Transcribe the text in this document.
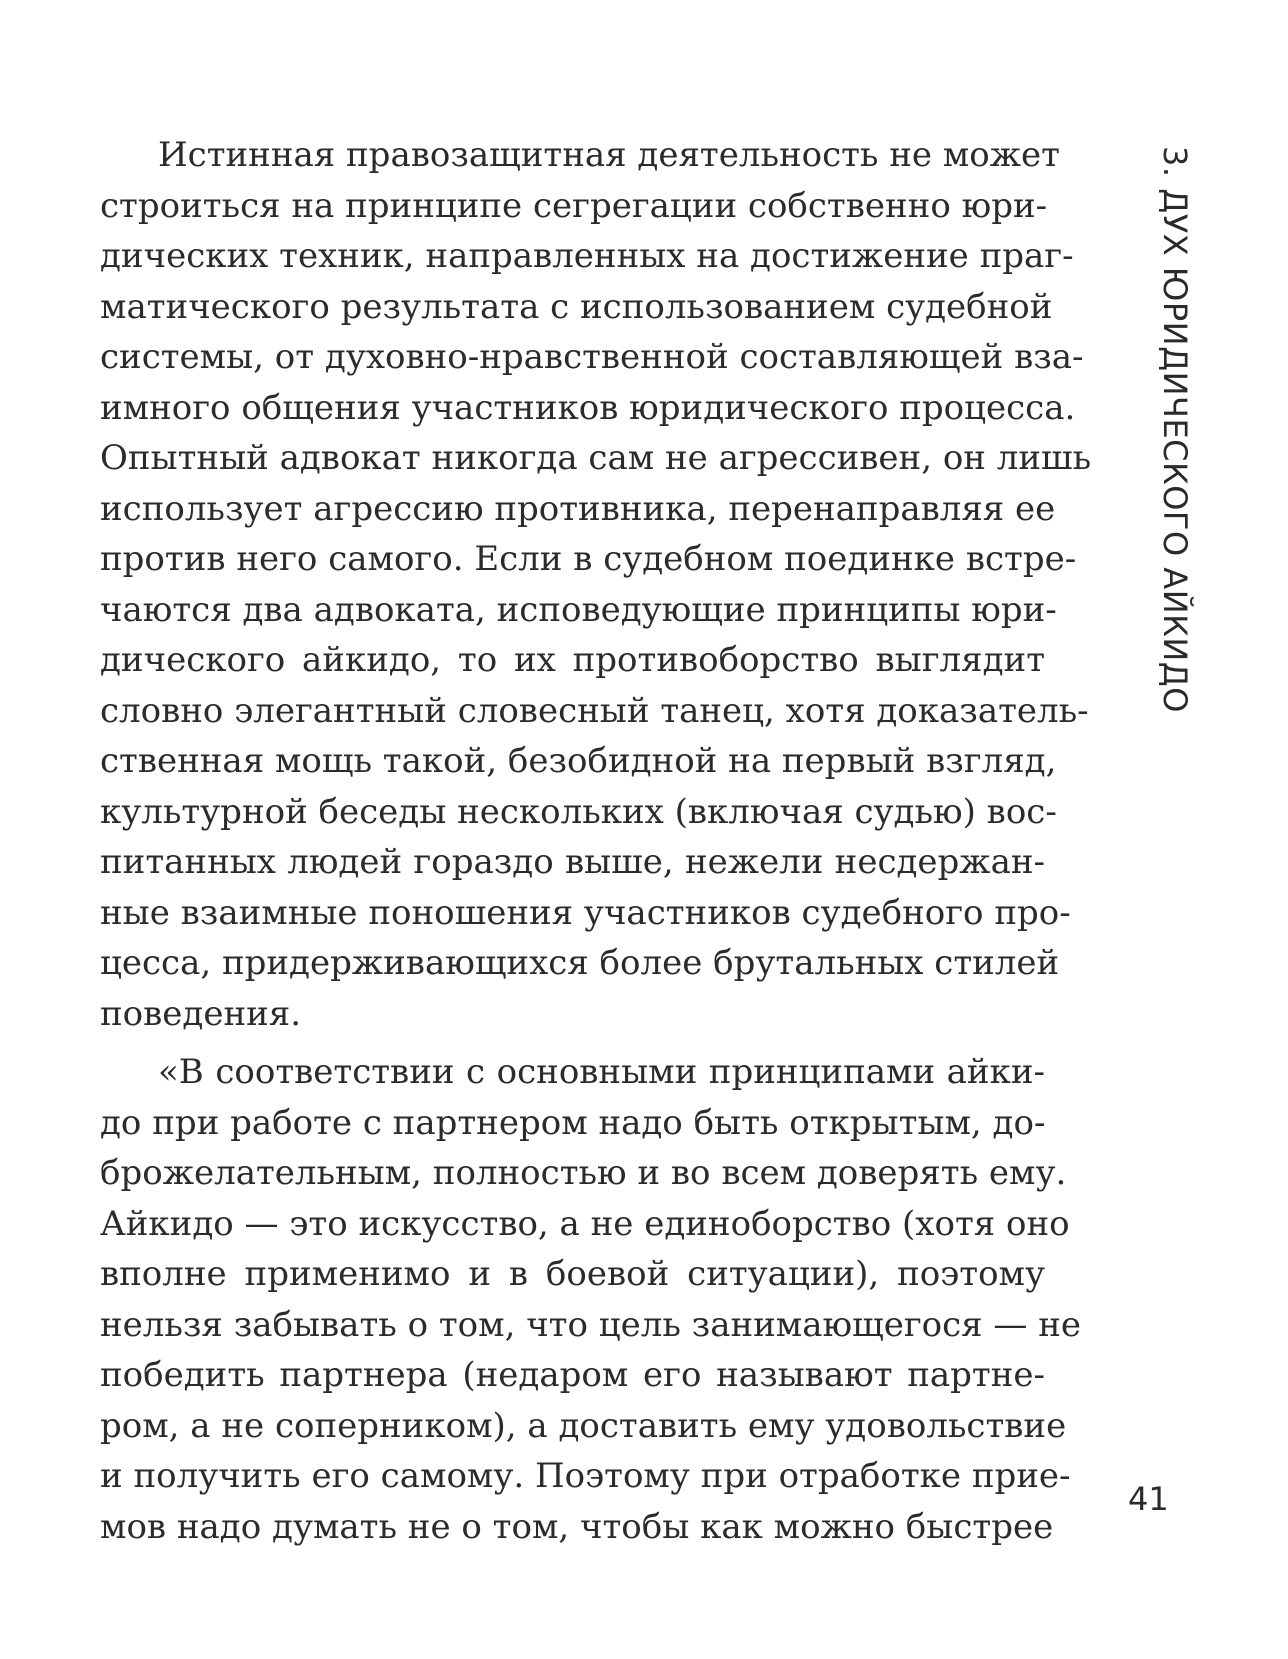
Истинная правозащитная деятельность не может
строиться на принципе сегрегации собственно юри-
дических техник, направленных на достижение праг-
матического результата с использованием судебной
системы, от духовно-нравственной составляющей вза-
имного общения участников юридического процесса.
Опытный адвокат никогда сам не агрессивен, он лишь
использует агрессию противника, перенаправляя ее
против него самого. Если в судебном поединке встре-
чаются два адвоката, исповедующие принципы юри-
дического айкидо, то их противоборство выглядит
словно элегантный словесный танец, хотя доказатель-
ственная мощь такой, безобидной на первый взгляд,
культурной беседы нескольких (включая судью) вос-
питанных людей гораздо выше, нежели несдержан-
ные взаимные поношения участников судебного про-
цесса, придерживающихся более брутальных стилей
поведения.
«В соответствии с основными принципами айки-
до при работе с партнером надо быть открытым, до-
брожелательным, полностью и во всем доверять ему.
Айкидо — это искусство, а не единоборство (хотя оно
вполне применимо и в боевой ситуации), поэтому
нельзя забывать о том, что цель занимающегося — не
победить партнера (недаром его называют партне-
ром, а не соперником), а доставить ему удовольствие
и получить его самому. Поэтому при отработке прие-
мов надо думать не о том, чтобы как можно быстрее
3. ДУХ ЮРИДИЧЕСКОГО АЙКИДО
41
